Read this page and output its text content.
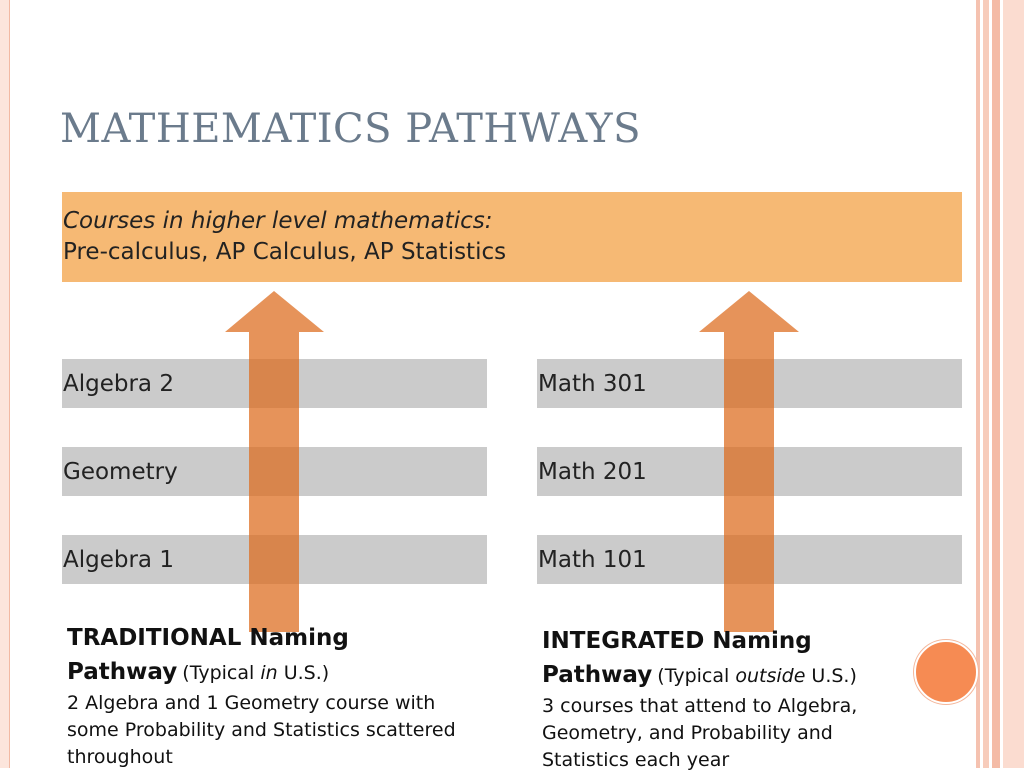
MATHEMATICS PATHWAYS
Courses in higher level mathematics:
Pre-calculus, AP Calculus, AP Statistics
Algebra 2
Geometry
Algebra 1
Math 301
Math 201
Math 101
TRADITIONAL Naming
Pathway (Typical in U.S.)
2 Algebra and 1 Geometry course with some Probability and Statistics scattered throughout
INTEGRATED Naming
Pathway (Typical outside U.S.)
3 courses that attend to Algebra, Geometry, and Probability and Statistics each year
